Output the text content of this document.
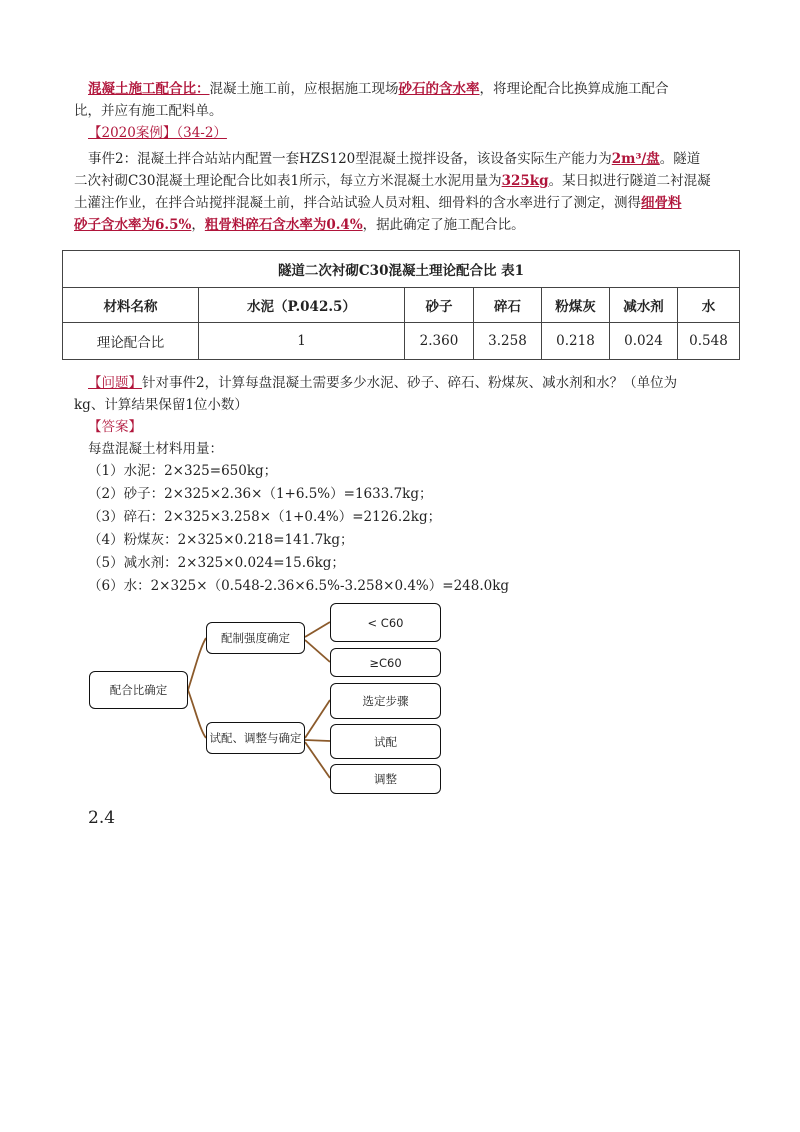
混凝土施工配合比：混凝土施工前，应根据施工现场砂石的含水率，将理论配合比换算成施工配合
比，并应有施工配料单。

【2020案例】（34-2）

事件2：混凝土拌合站站内配置一套HZS120型混凝土搅拌设备，该设备实际生产能力为2m³/盘。隧道
二次衬砌C30混凝土理论配合比如表1所示，每立方米混凝土水泥用量为325kg。某日拟进行隧道二衬混凝
土灌注作业，在拌合站搅拌混凝土前，拌合站试验人员对粗、细骨料的含水率进行了测定，测得细骨料
砂子含水率为6.5%，粗骨料碎石含水率为0.4%，据此确定了施工配合比。

隧道二次衬砌C30混凝土理论配合比 表1						
材料名称	水泥（P.042.5）	砂子	碎石	粉煤灰	减水剂	水
理论配合比	1	2.360	3.258	0.218	0.024	0.548

【问题】针对事件2，计算每盘混凝土需要多少水泥、砂子、碎石、粉煤灰、减水剂和水？（单位为
kg、计算结果保留1位小数）

【答案】
每盘混凝土材料用量：
（1）水泥：2×325=650kg；
（2）砂子：2×325×2.36×（1+6.5%）=1633.7kg；
（3）碎石：2×325×3.258×（1+0.4%）=2126.2kg；
（4）粉煤灰：2×325×0.218=141.7kg；
（5）减水剂：2×325×0.024=15.6kg；
（6）水：2×325×（0.548-2.36×6.5%-3.258×0.4%）=248.0kg
配合比确定
配制强度确定
试配、调整与确定
< C60
≥C60
选定步骤
试配
调整
2.4
